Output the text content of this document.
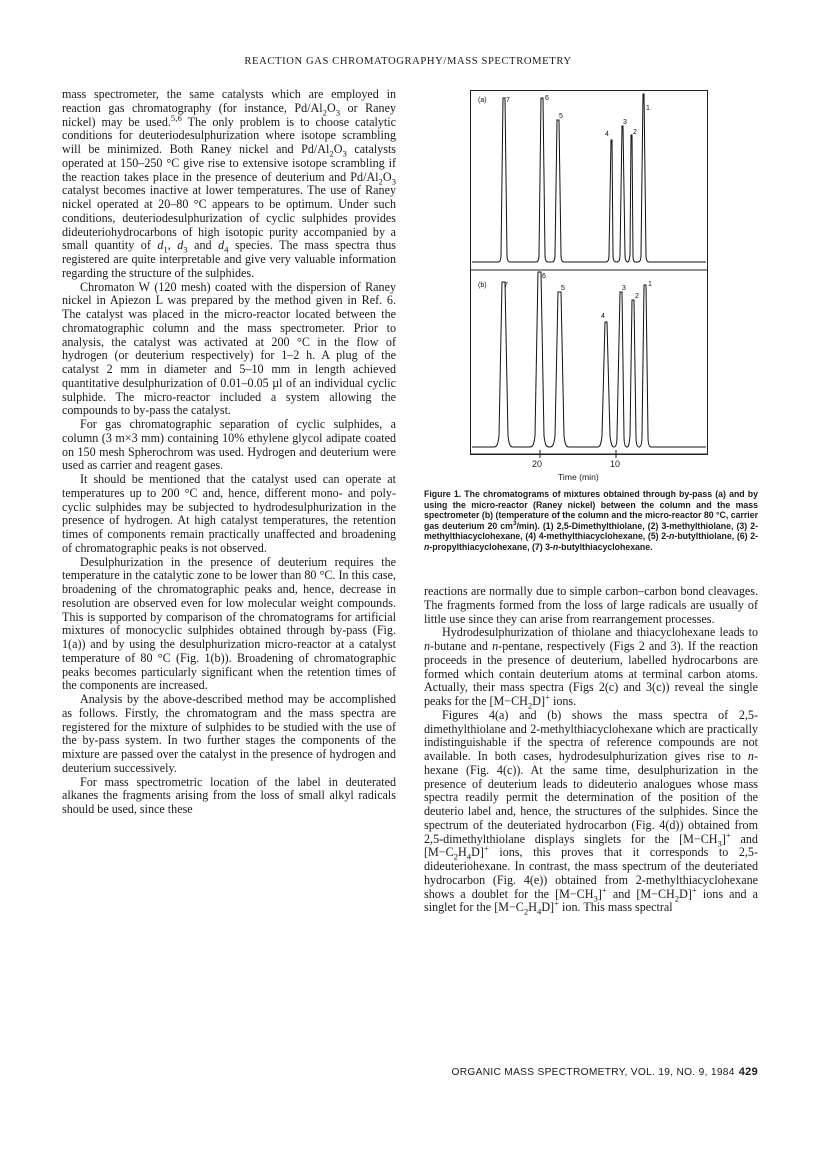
REACTION GAS CHROMATOGRAPHY/MASS SPECTROMETRY

mass spectrometer, the same catalysts which are employed in reaction gas chromatography (for instance, $Pd/Al_2O_3$ or Raney nickel) may be used.$^{5,6}$ The only problem is to choose catalytic conditions for deuteriodesulphurization where isotope scrambling will be minimized. Both Raney nickel and $Pd/Al_2O_3$ catalysts operated at 150–250 °C give rise to extensive isotope scrambling if the reaction takes place in the presence of deuterium and $Pd/Al_2O_3$ catalyst becomes inactive at lower temperatures. The use of Raney nickel operated at 20–80 °C appears to be optimum. Under such conditions, deuteriodesulphurization of cyclic sulphides provides dideuteriohydrocarbons of high isotopic purity accompanied by a small quantity of $d_1$, $d_3$ and $d_4$ species. The mass spectra thus registered are quite interpretable and give very valuable information regarding the structure of the sulphides.

Chromaton W (120 mesh) coated with the dispersion of Raney nickel in Apiezon L was prepared by the method given in Ref. 6. The catalyst was placed in the micro-reactor located between the chromatographic column and the mass spectrometer. Prior to analysis, the catalyst was activated at 200 °C in the flow of hydrogen (or deuterium respectively) for 1–2 h. A plug of the catalyst 2 mm in diameter and 5–10 mm in length achieved quantitative desulphurization of 0.01–0.05 µl of an individual cyclic sulphide. The micro-reactor included a system allowing the compounds to by-pass the catalyst.

For gas chromatographic separation of cyclic sulphides, a column (3 m×3 mm) containing 10% ethylene glycol adipate coated on 150 mesh Spherochrom was used. Hydrogen and deuterium were used as carrier and reagent gases.

It should be mentioned that the catalyst used can operate at temperatures up to 200 °C and, hence, different mono- and poly-cyclic sulphides may be subjected to hydrodesulphurization in the presence of hydrogen. At high catalyst temperatures, the retention times of components remain practically unaffected and broadening of chromatographic peaks is not observed.

Desulphurization in the presence of deuterium requires the temperature in the catalytic zone to be lower than 80 °C. In this case, broadening of the chromatographic peaks and, hence, decrease in resolution are observed even for low molecular weight compounds. This is supported by comparison of the chromatograms for artificial mixtures of monocyclic sulphides obtained through by-pass (Fig. 1(a)) and by using the desulphurization micro-reactor at a catalyst temperature of 80 °C (Fig. 1(b)). Broadening of chromatographic peaks becomes particularly significant when the retention times of the components are increased.

Analysis by the above-described method may be accomplished as follows. Firstly, the chromatogram and the mass spectra are registered for the mixture of sulphides to be studied with the use of the by-pass system. In two further stages the components of the mixture are passed over the catalyst in the presence of hydrogen and deuterium successively.

For mass spectrometric location of the label in deuterated alkanes the fragments arising from the loss of small alkyl radicals should be used, since these

(a)	7	6
5
4
3
2
1
(b) 7
6
5
4
3
2
1
20	10
Time (min)
Figure 1. The chromatograms of mixtures obtained through by-pass (a) and by using the micro-reactor (Raney nickel) between the column and the mass spectrometer (b) (temperature of the column and the micro-reactor 80 °C, carrier gas deuterium 20 $cm^3/\min$). (1) 2,5-Dimethylthiolane, (2) 3-methylthiolane, (3) 2-methylthiacyclohexane, (4) 4-methylthiacyclohexane, (5) 2-n-butylthiolane, (6) 2-n-propylthiacyclohexane, (7) 3-n-butylthiacyclohexane.

reactions are normally due to simple carbon–carbon bond cleavages. The fragments formed from the loss of large radicals are usually of little use since they can arise from rearrangement processes.

Hydrodesulphurization of thiolane and thiacyclohexane leads to n-butane and n-pentane, respectively (Figs 2 and 3). If the reaction proceeds in the presence of deuterium, labelled hydrocarbons are formed which contain deuterium atoms at terminal carbon atoms. Actually, their mass spectra (Figs 2(c) and 3(c)) reveal the single peaks for the $[M-CH_2D]^+$ ions.

Figures 4(a) and (b) shows the mass spectra of 2,5-dimethylthiolane and 2-methylthiacyclohexane which are practically indistinguishable if the spectra of reference compounds are not available. In both cases, hydrodesulphurization gives rise to n-hexane (Fig. 4(c)). At the same time, desulphurization in the presence of deuterium leads to dideuterio analogues whose mass spectra readily permit the determination of the position of the deuterio label and, hence, the structures of the sulphides. Since the spectrum of the deuteriated hydrocarbon (Fig. 4(d)) obtained from 2,5-dimethylthiolane displays singlets for the $[M-CH_3]^+$ and $[M-C_2H_4D]^+$ ions, this proves that it corresponds to 2,5-dideuteriohexane. In contrast, the mass spectrum of the deuteriated hydrocarbon (Fig. 4(e)) obtained from 2-methylthiacyclohexane shows a doublet for the $[M-CH_3]^+$ and $[M-CH_2D]^+$ ions and a singlet for the $[M-C_2H_4D]^+$ ion. This mass spectral

ORGANIC MASS SPECTROMETRY, VOL. 19, NO. 9, 1984 429
